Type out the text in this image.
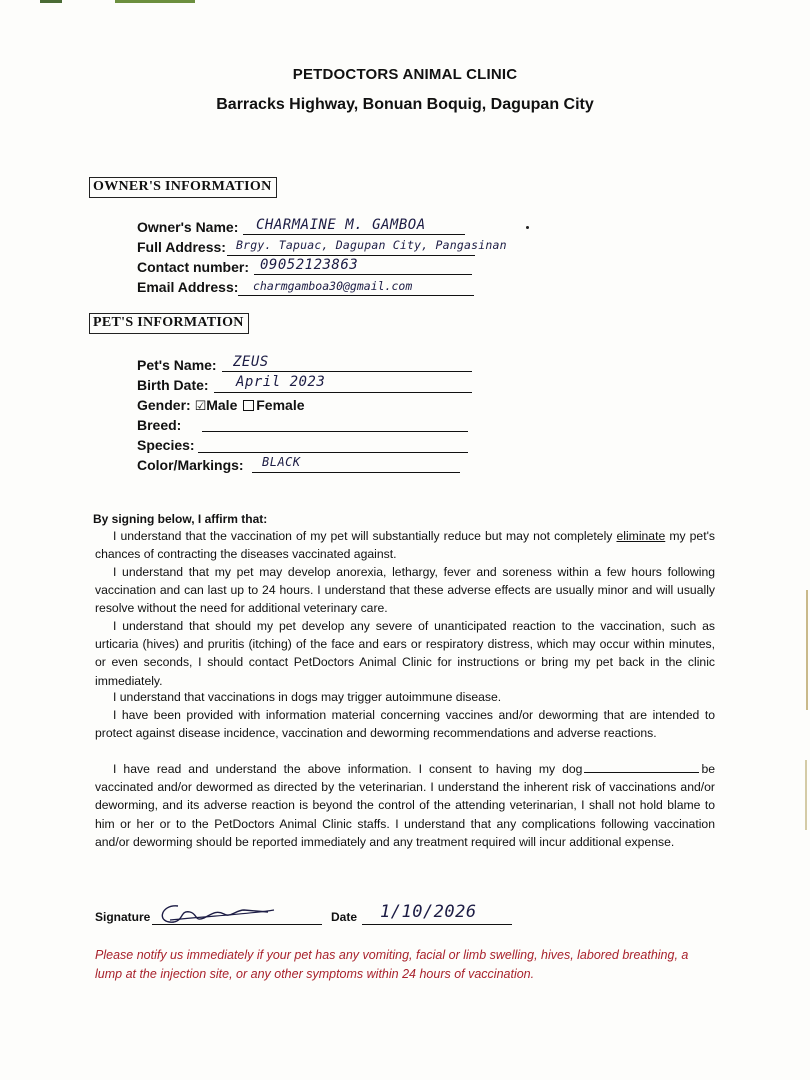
PETDOCTORS ANIMAL CLINIC
Barracks Highway, Bonuan Boquig, Dagupan City
OWNER'S INFORMATION
Owner's Name: CHARMAINE M. GAMBOA
Full Address: Brgy. Tapuac, Dagupan City, Pangasinan
Contact number: 09052123863
Email Address: charmgamboa30@gmail.com
PET'S INFORMATION
Pet's Name: ZEUS
Birth Date: April 2023
Gender: ☑Male Female
Breed:
Species:
Color/Markings: BLACK
By signing below, I affirm that:

I understand that the vaccination of my pet will substantially reduce but may not completely eliminate my pet's chances of contracting the diseases vaccinated against.

I understand that my pet may develop anorexia, lethargy, fever and soreness within a few hours following vaccination and can last up to 24 hours. I understand that these adverse effects are usually minor and will usually resolve without the need for additional veterinary care.

I understand that should my pet develop any severe of unanticipated reaction to the vaccination, such as urticaria (hives) and pruritis (itching) of the face and ears or respiratory distress, which may occur within minutes, or even seconds, I should contact PetDoctors Animal Clinic for instructions or bring my pet back in the clinic immediately.

I understand that vaccinations in dogs may trigger autoimmune disease.

I have been provided with information material concerning vaccines and/or deworming that are intended to protect against disease incidence, vaccination and deworming recommendations and adverse reactions.

I have read and understand the above information. I consent to having my dog	be vaccinated and/or dewormed as directed by the veterinarian. I understand the inherent risk of vaccinations and/or deworming, and its adverse reaction is beyond the control of the attending veterinarian, I shall not hold blame to him or her or to the PetDoctors Animal Clinic staffs. I understand that any complications following vaccination and/or deworming should be reported immediately and any treatment required will incur additional expense.

Signature	Date 1/10/2026

Please notify us immediately if your pet has any vomiting, facial or limb swelling, hives, labored breathing, a lump at the injection site, or any other symptoms within 24 hours of vaccination.
